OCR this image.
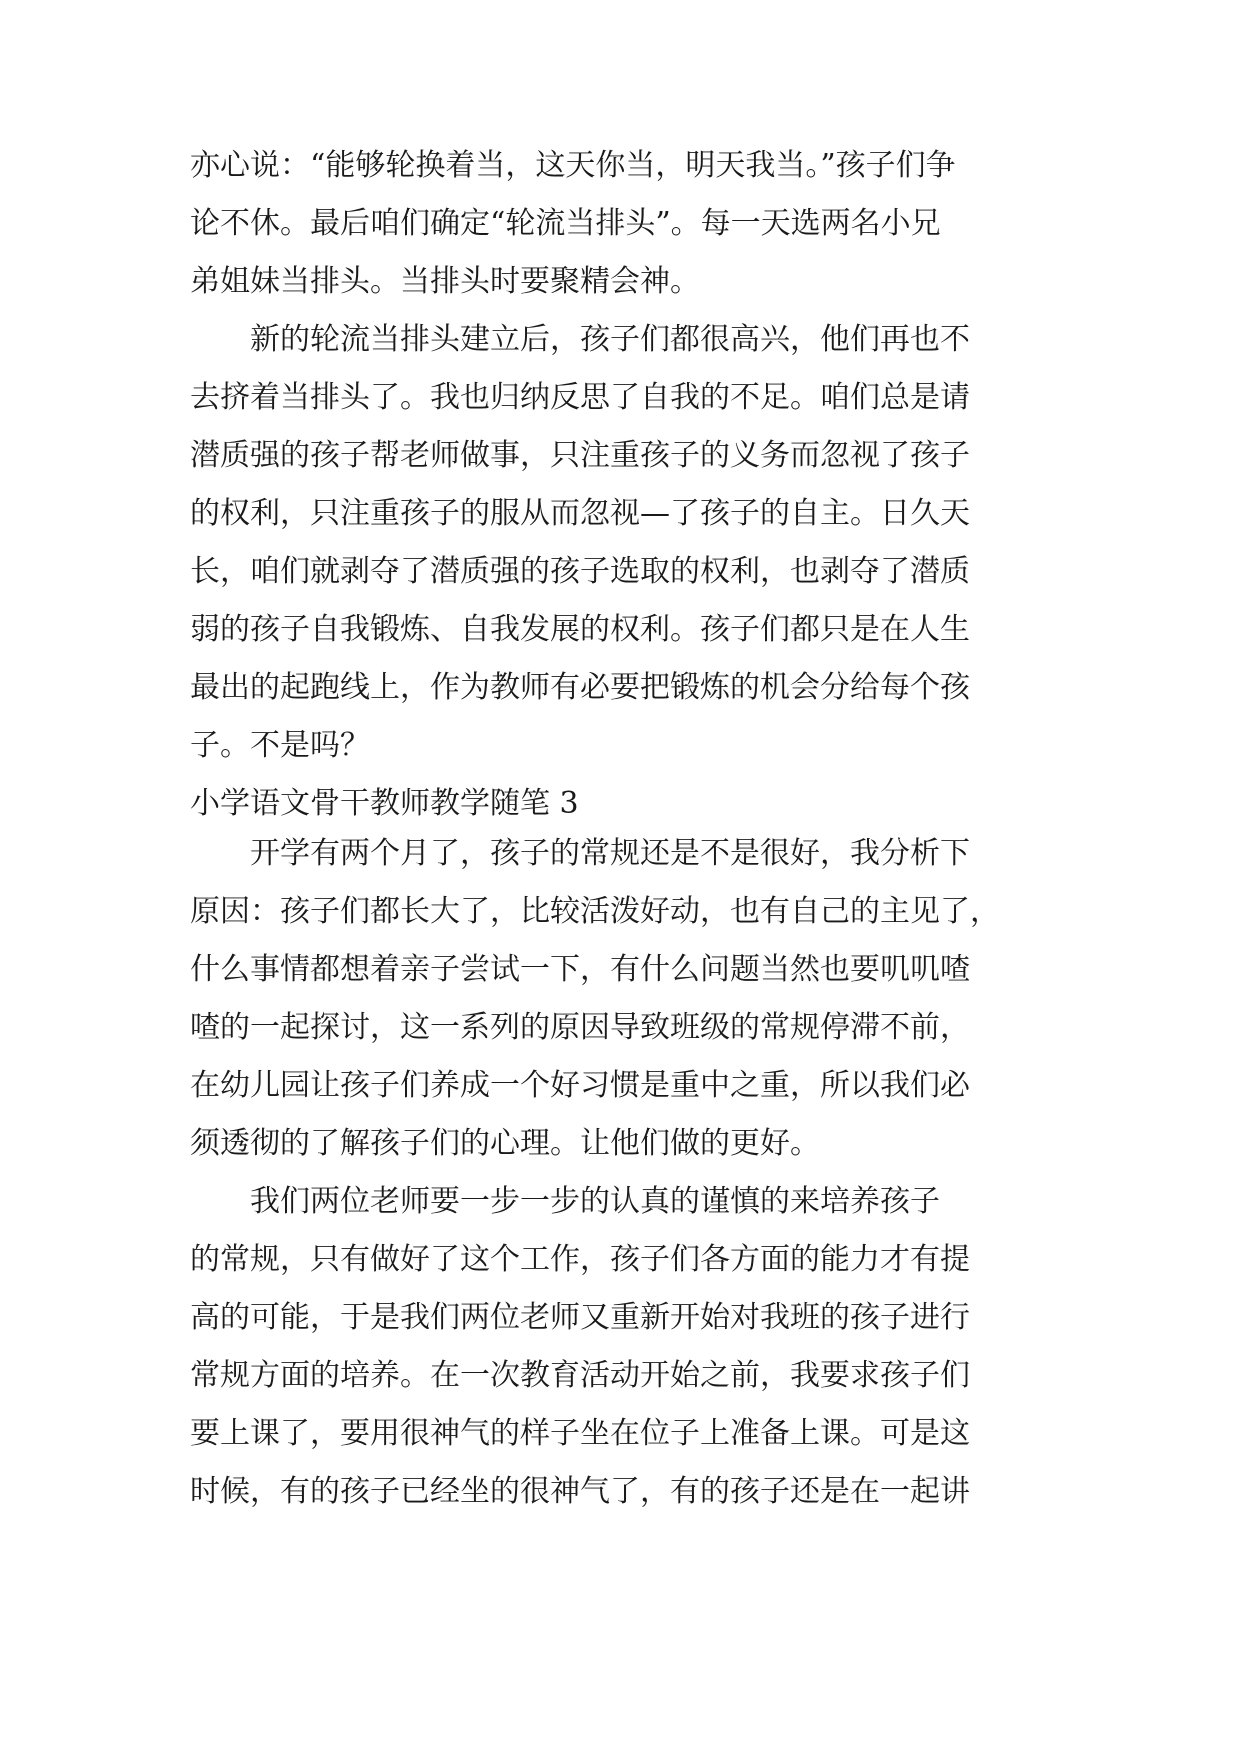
亦心说：“能够轮换着当，这天你当，明天我当。”孩子们争
论不休。最后咱们确定“轮流当排头”。每一天选两名小兄
弟姐妹当排头。当排头时要聚精会神。
　　新的轮流当排头建立后，孩子们都很高兴，他们再也不
去挤着当排头了。我也归纳反思了自我的不足。咱们总是请
潜质强的孩子帮老师做事，只注重孩子的义务而忽视了孩子
的权利，只注重孩子的服从而忽视—了孩子的自主。日久天
长，咱们就剥夺了潜质强的孩子选取的权利，也剥夺了潜质
弱的孩子自我锻炼、自我发展的权利。孩子们都只是在人生
最出的起跑线上，作为教师有必要把锻炼的机会分给每个孩
子。不是吗？
小学语文骨干教师教学随笔 3
　　开学有两个月了，孩子的常规还是不是很好，我分析下
原因：孩子们都长大了，比较活泼好动，也有自己的主见了，
什么事情都想着亲子尝试一下，有什么问题当然也要叽叽喳
喳的一起探讨，这一系列的原因导致班级的常规停滞不前，
在幼儿园让孩子们养成一个好习惯是重中之重，所以我们必
须透彻的了解孩子们的心理。让他们做的更好。
　　我们两位老师要一步一步的认真的谨慎的来培养孩子
的常规，只有做好了这个工作，孩子们各方面的能力才有提
高的可能，于是我们两位老师又重新开始对我班的孩子进行
常规方面的培养。在一次教育活动开始之前，我要求孩子们
要上课了，要用很神气的样子坐在位子上准备上课。可是这
时候，有的孩子已经坐的很神气了，有的孩子还是在一起讲
